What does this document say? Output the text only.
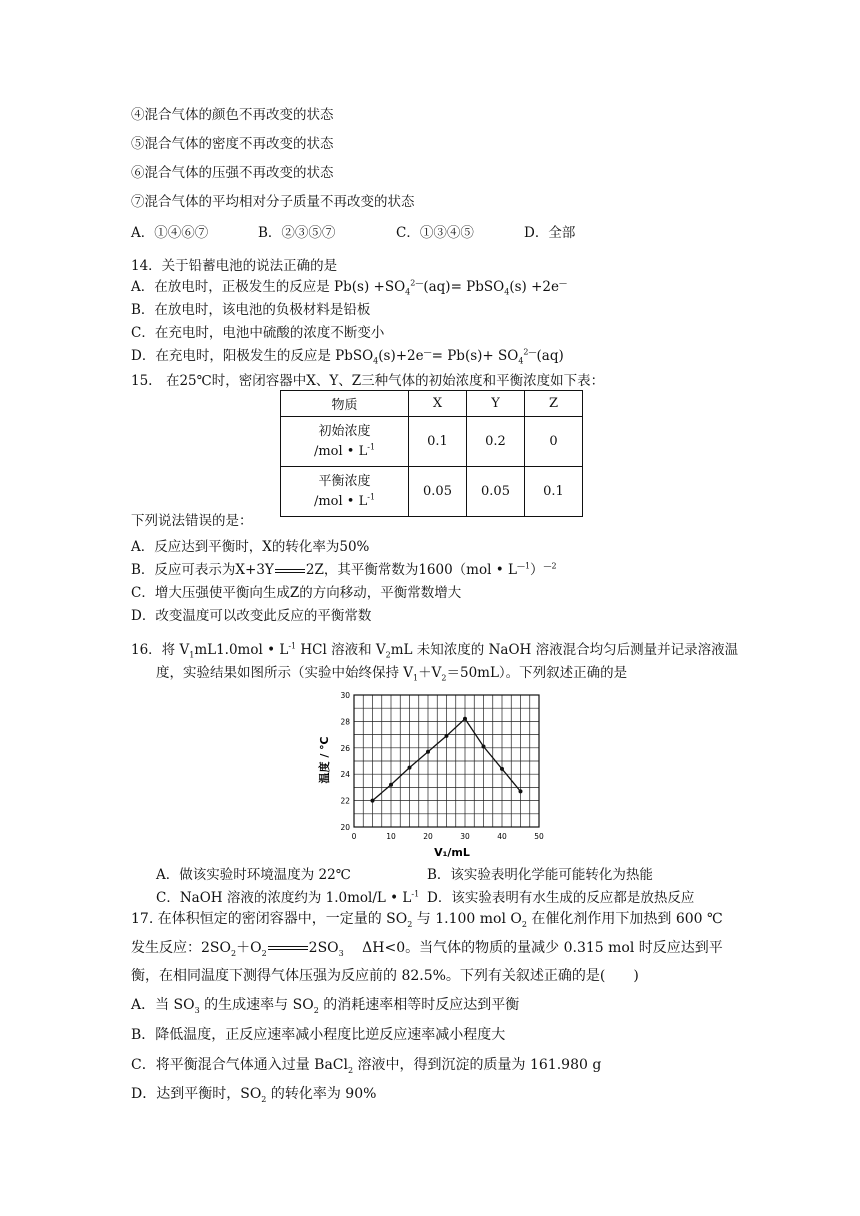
④混合气体的颜色不再改变的状态
⑤混合气体的密度不再改变的状态
⑥混合气体的压强不再改变的状态
⑦混合气体的平均相对分子质量不再改变的状态
A．①④⑥⑦	B．②③⑤⑦	C．①③④⑤	D．全部
14．关于铅蓄电池的说法正确的是
A．在放电时，正极发生的反应是 $Pb(s) +SO_4^{2—}(aq)=$ PbSO$_4$(s) +2e—
B．在放电时，该电池的负极材料是铅板
C．在充电时，电池中硫酸的浓度不断变小
D．在充电时，阳极发生的反应是 PbSO$_4$(s)+2e—= $Pb(s)+ SO_4^{2—}(aq)$
15.　在25℃时，密闭容器中X、Y、Z三种气体的初始浓度和平衡浓度如下表：
物质	X	Y	Z

初始浓度
/mol • $L^{-1}$	0.1	0.2	0

平衡浓度
/mol • $L^{-1}$	0.05	0.05	0.1
下列说法错误的是：
A．反应达到平衡时，X的转化率为50%
B．反应可表示为X+3Y 2Z，其平衡常数为1600（mol • $L^{—1})^{—2}$
C．增大压强使平衡向生成Z的方向移动，平衡常数增大
D．改变温度可以改变此反应的平衡常数
16．将 $V_1mL1.0mol$ • $L^{-1}$ HCl 溶液和 $V_2mL$ 未知浓度的 NaOH 溶液混合均匀后测量并记录溶液温
度，实验结果如图所示（实验中始终保持 $V_1+V_2=50mL$）。下列叙述正确的是
0	10	20	30	40	50
20
22
24
26
28
30
温度 / ℃
V₁/mL
A．做该实验时环境温度为 22℃	B．该实验表明化学能可能转化为热能
C．NaOH 溶液的浓度约为 1.0mol/L • $L^{-1}$ D．该实验表明有水生成的反应都是放热反应
17. 在体积恒定的密闭容器中，一定量的 $SO_2$ 与 1.100 mol $O_2$ 在催化剂作用下加热到 600 ℃
发生反应：$2SO_2+O_2$	$2SO_3$　 ΔH<0。当气体的物质的量减少 0.315 mol 时反应达到平
衡，在相同温度下测得气体压强为反应前的 82.5%。下列有关叙述正确的是(　　)
A．当 $SO_3$ 的生成速率与 $SO_2$ 的消耗速率相等时反应达到平衡
B．降低温度，正反应速率减小程度比逆反应速率减小程度大
C．将平衡混合气体通入过量 BaCl$_2$ 溶液中，得到沉淀的质量为 161.980 g
D．达到平衡时，$SO_2$ 的转化率为 90%
